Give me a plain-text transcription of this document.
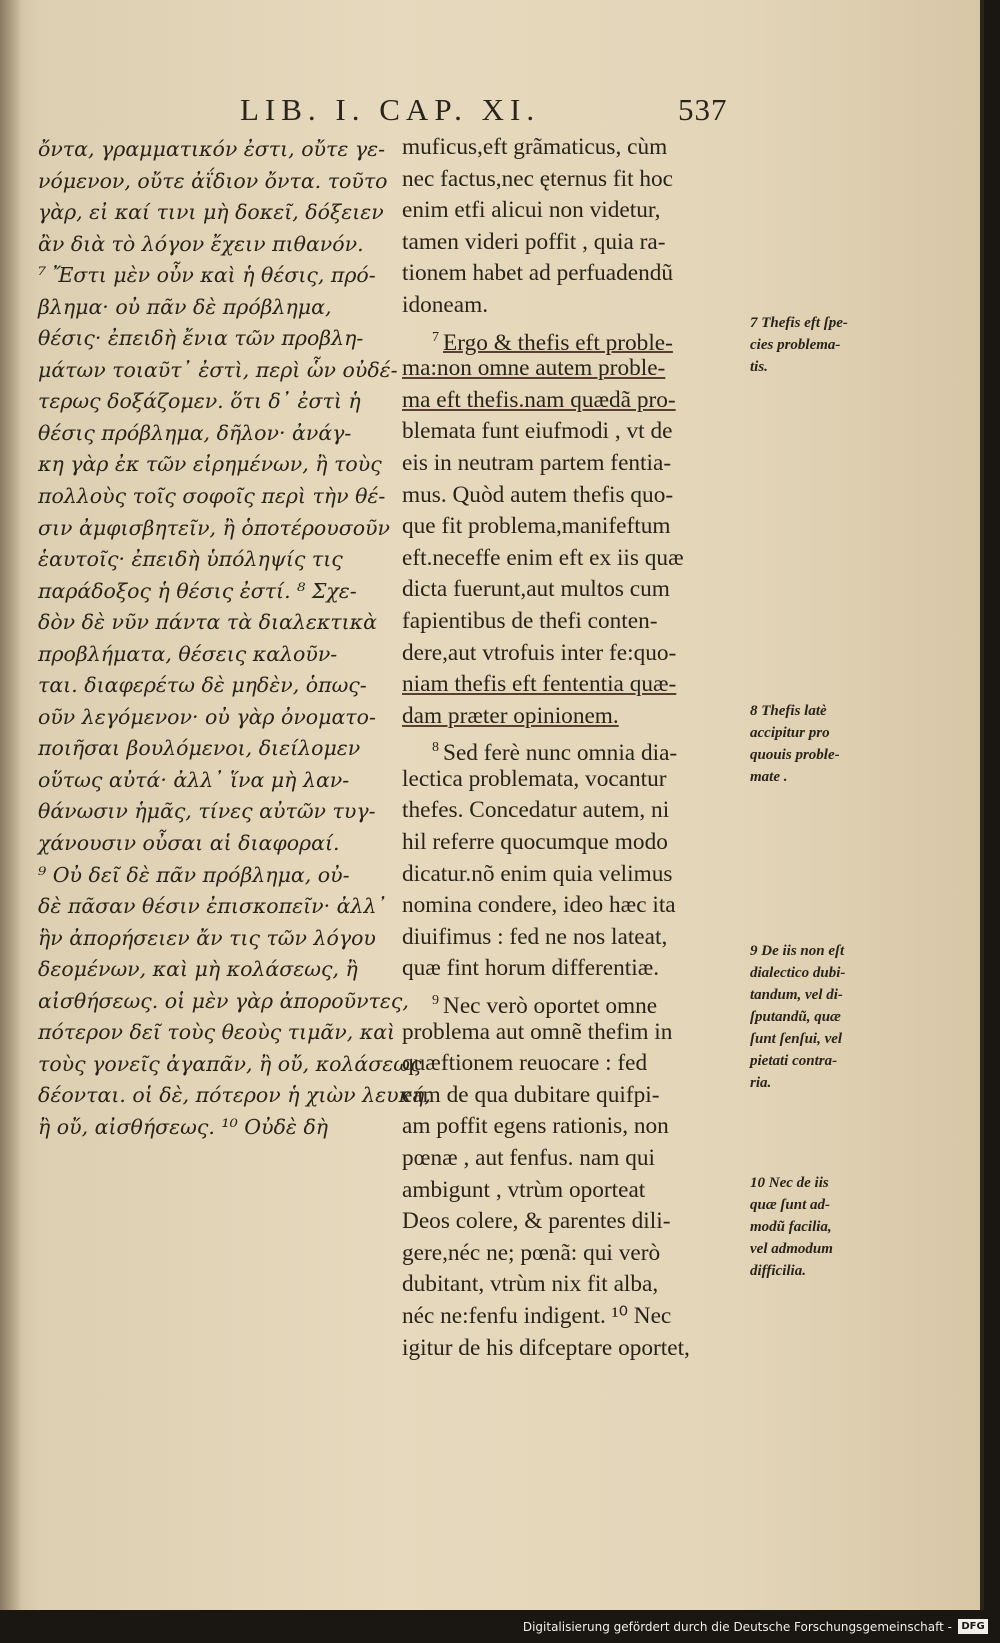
LIB. I. CAP. XI.	537
ὄντα, γραμματικόν ἐστι, οὔτε γε-
νόμενον, οὔτε ἀΐδιον ὄντα. τοῦτο
γὰρ, εἰ καί τινι μὴ δοκεῖ, δόξειεν
ἂν διὰ τὸ λόγον ἔχειν πιθανόν.
⁷ Ἔστι μὲν οὖν καὶ ἡ θέσις, πρό-
βλημα· οὐ πᾶν δὲ πρόβλημα,
θέσις· ἐπειδὴ ἔνια τῶν προβλη-
μάτων τοιαῦτ᾽ ἐστὶ, περὶ ὧν οὐδέ-
τερως δοξάζομεν. ὅτι δ᾽ ἐστὶ ἡ
θέσις πρόβλημα, δῆλον· ἀνάγ-
κη γὰρ ἐκ τῶν εἰρημένων, ἢ τοὺς
πολλοὺς τοῖς σοφοῖς περὶ τὴν θέ-
σιν ἀμφισβητεῖν, ἢ ὁποτέρουσοῦν
ἑαυτοῖς· ἐπειδὴ ὑπόληψίς τις
παράδοξος ἡ θέσις ἐστί. ⁸ Σχε-
δὸν δὲ νῦν πάντα τὰ διαλεκτικὰ
προβλήματα, θέσεις καλοῦν-
ται. διαφερέτω δὲ μηδὲν, ὁπως-
οῦν λεγόμενον· οὐ γὰρ ὀνοματο-
ποιῆσαι βουλόμενοι, διείλομεν
οὕτως αὐτά· ἀλλ᾽ ἵνα μὴ λαν-
θάνωσιν ἡμᾶς, τίνες αὐτῶν τυγ-
χάνουσιν οὖσαι αἱ διαφοραί.
⁹ Οὐ δεῖ δὲ πᾶν πρόβλημα, οὐ-
δὲ πᾶσαν θέσιν ἐπισκοπεῖν· ἀλλ᾽
ἣν ἀπορήσειεν ἄν τις τῶν λόγου
δεομένων, καὶ μὴ κολάσεως, ἢ
αἰσθήσεως. οἱ μὲν γὰρ ἀποροῦντες,
πότερον δεῖ τοὺς θεοὺς τιμᾶν, καὶ
τοὺς γονεῖς ἀγαπᾶν, ἢ οὔ, κολάσεως
δέονται. οἱ δὲ, πότερον ἡ χιὼν λευκή,
ἢ οὔ, αἰσθήσεως. ¹⁰ Οὐδὲ δὴ
muficus,eft grãmaticus, cùm
nec factus,nec ęternus fit hoc
enim etfi alicui non videtur,
tamen videri poffit , quia ra-
tionem habet ad perfuadendũ
idoneam.
$^7$ Ergo & thefis eft proble-
ma:non omne autem proble-
ma eft thefis.nam quædã pro-
blemata funt eiufmodi , vt de
eis in neutram partem fentia-
mus. Quòd autem thefis quo-
que fit problema,manifeftum
eft.neceffe enim eft ex iis quæ
dicta fuerunt,aut multos cum
fapientibus de thefi conten-
dere,aut vtrofuis inter fe:quo-
niam thefis eft fententia quæ-
dam præter opinionem.
$^8$ Sed ferè nunc omnia dia-
lectica problemata, vocantur
thefes. Concedatur autem, ni
hil referre quocumque modo
dicatur.nõ enim quia velimus
nomina condere, ideo hæc ita
diuifimus : fed ne nos lateat,
quæ fint horum differentiæ.
$^9$ Nec verò oportet omne
problema aut omnẽ thefim in
quæftionem reuocare : fed
eam de qua dubitare quifpi-
am poffit egens rationis, non
pœnæ , aut fenfus. nam qui
ambigunt , vtrùm oporteat
Deos colere, & parentes dili-
gere,néc ne; pœnã: qui verò
dubitant, vtrùm nix fit alba,
néc ne:fenfu indigent. ¹⁰ Nec
igitur de his difceptare oportet,
7 Thefis eft ſpe-
cies problema-
tis.
8 Thefis latè
accipitur pro
quouis proble-
mate .
9 De iis non eſt
dialectico dubi-
tandum, vel di-
ſputandũ, quæ
ſunt ſenſui, vel
pietati contra-
ria.
10 Nec de iis
quæ ſunt ad-
modũ facilia,
vel admodum
difficilia.
Digitalisierung gefördert durch die Deutsche Forschungsgemeinschaft - DFG
